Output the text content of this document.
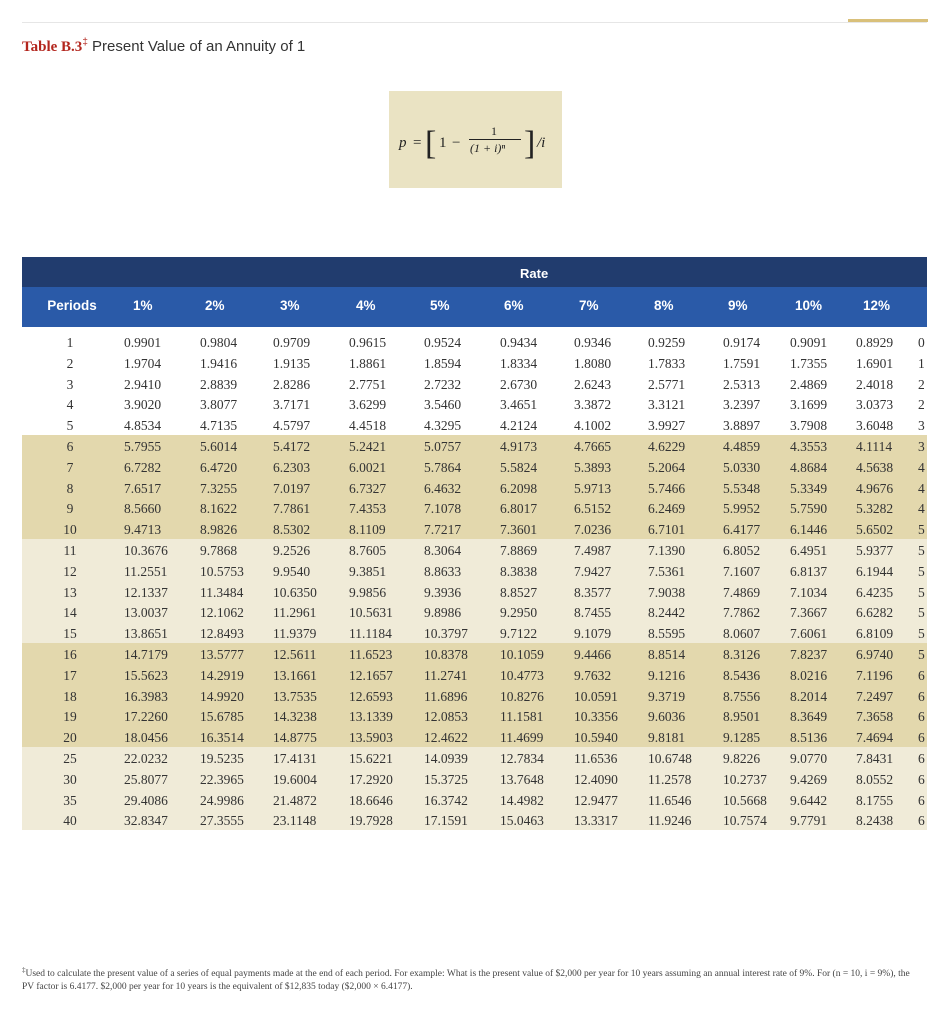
Table B.3‡ Present Value of an Annuity of 1
p = [ 1 −
1
(1 + i)ⁿ ] /i
Rate
Periods	1%	2%	3%	4%	5%	6%	7%	8%	9%	10%	12%
1	0.9901	0.9804	0.9709	0.9615	0.9524	0.9434	0.9346	0.9259	0.9174 0.9091 0.8929 0
2	1.9704	1.9416	1.9135	1.8861	1.8594	1.8334	1.8080	1.7833	1.7591 1.7355 1.6901 1
3	2.9410	2.8839	2.8286	2.7751	2.7232	2.6730	2.6243	2.5771	2.5313 2.4869 2.4018 2
4	3.9020	3.8077	3.7171	3.6299	3.5460	3.4651	3.3872	3.3121	3.2397 3.1699 3.0373 2
5	4.8534	4.7135	4.5797	4.4518	4.3295	4.2124	4.1002	3.9927	3.8897 3.7908 3.6048 3
6	5.7955	5.6014	5.4172	5.2421	5.0757	4.9173	4.7665	4.6229	4.4859 4.3553 4.1114 3
7	6.7282	6.4720	6.2303	6.0021	5.7864	5.5824	5.3893	5.2064	5.0330 4.8684 4.5638 4
8	7.6517	7.3255	7.0197	6.7327	6.4632	6.2098	5.9713	5.7466	5.5348 5.3349 4.9676 4
9	8.5660	8.1622	7.7861	7.4353	7.1078	6.8017	6.5152	6.2469	5.9952 5.7590 5.3282 4
10	9.4713	8.9826	8.5302	8.1109	7.7217	7.3601	7.0236	6.7101	6.4177 6.1446 5.6502 5
11	10.3676 9.7868	9.2526	8.7605	8.3064	7.8869	7.4987	7.1390	6.8052 6.4951 5.9377 5
12	11.2551 10.5753 9.9540	9.3851	8.8633	8.3838	7.9427	7.5361	7.1607 6.8137 6.1944 5
13	12.1337 11.3484 10.6350 9.9856	9.3936	8.8527	8.3577	7.9038	7.4869 7.1034 6.4235 5
14	13.0037 12.1062 11.2961 10.5631 9.8986	9.2950	8.7455	8.2442	7.7862 7.3667 6.6282 5
15	13.8651 12.8493 11.9379 11.1184 10.3797 9.7122	9.1079	8.5595	8.0607 7.6061 6.8109 5
16	14.7179 13.5777 12.5611 11.6523 10.8378 10.1059 9.4466	8.8514	8.3126 7.8237 6.9740 5
17	15.5623 14.2919 13.1661 12.1657 11.2741 10.4773 9.7632	9.1216	8.5436 8.0216 7.1196 6
18	16.3983 14.9920 13.7535 12.6593 11.6896 10.8276 10.0591 9.3719	8.7556 8.2014 7.2497 6
19	17.2260 15.6785 14.3238 13.1339 12.0853 11.1581 10.3356 9.6036	8.9501 8.3649 7.3658 6
20	18.0456 16.3514 14.8775 13.5903 12.4622 11.4699 10.5940 9.8181	9.1285 8.5136 7.4694 6
25	22.0232 19.5235 17.4131 15.6221 14.0939 12.7834 11.6536 10.6748 9.8226 9.0770 7.8431 6
30	25.8077 22.3965 19.6004 17.2920 15.3725 13.7648 12.4090 11.2578 10.2737 9.4269 8.0552 6
35	29.4086 24.9986 21.4872 18.6646 16.3742 14.4982 12.9477 11.6546 10.5668 9.6442 8.1755 6
40	32.8347 27.3555 23.1148 19.7928 17.1591 15.0463 13.3317 11.9246 10.7574 9.7791 8.2438 6
‡Used to calculate the present value of a series of equal payments made at the end of each period. For example: What is the present value of $2,000 per year for 10 years assuming an annual interest rate of 9%. For (n = 10, i = 9%), the PV factor is 6.4177. $2,000 per year for 10 years is the equivalent of $12,835 today ($2,000 × 6.4177).
